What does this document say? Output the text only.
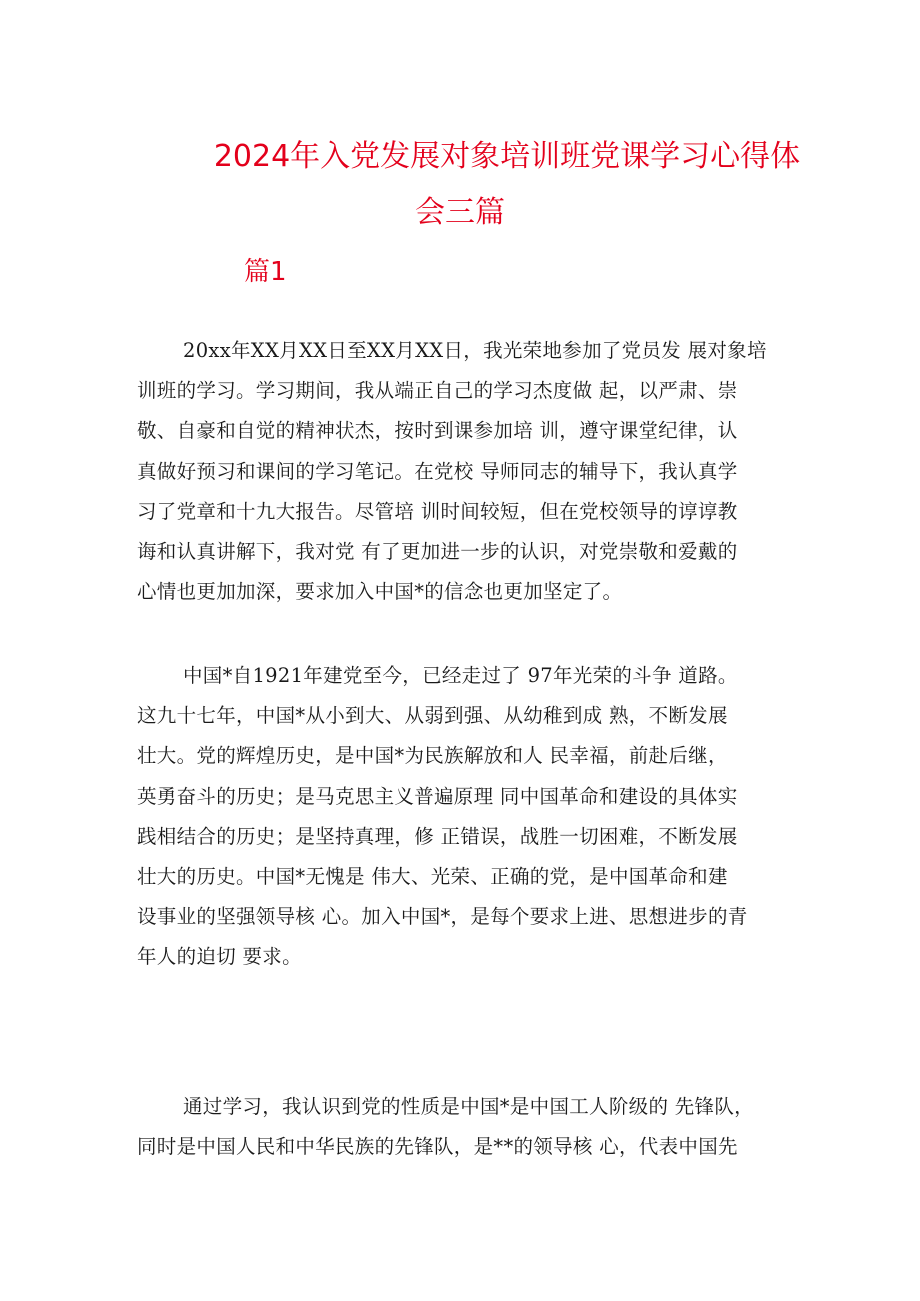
2024年入党发展对象培训班党课学习心得体
会三篇
篇1

20xx年XX月XX日至XX月XX日，我光荣地参加了党员发 展对象培
训班的学习。学习期间，我从端正自己的学习杰度做 起，以严肃、崇
敬、自豪和自觉的精神状杰，按时到课参加培 训，遵守课堂纪律，认
真做好预习和课间的学习笔记。在党校 导师同志的辅导下，我认真学
习了党章和十九大报告。尽管培 训时间较短，但在党校领导的谆谆教
诲和认真讲解下，我对党 有了更加进一步的认识，对党崇敬和爱戴的
心情也更加加深，要求加入中国*的信念也更加坚定了。

中国*自1921年建党至今，已经走过了 97年光荣的斗争 道路。
这九十七年，中国*从小到大、从弱到强、从幼稚到成 熟，不断发展
壮大。党的辉煌历史，是中国*为民族解放和人 民幸福，前赴后继，
英勇奋斗的历史；是马克思主义普遍原理 同中国革命和建设的具体实
践相结合的历史；是坚持真理，修 正错误，战胜一切困难，不断发展
壮大的历史。中国*无愧是 伟大、光荣、正确的党，是中国革命和建
设事业的坚强领导核 心。加入中国*，是每个要求上进、思想进步的青
年人的迫切 要求。

通过学习，我认识到党的性质是中国*是中国工人阶级的 先锋队，
同时是中国人民和中华民族的先锋队，是**的领导核 心，代表中国先
